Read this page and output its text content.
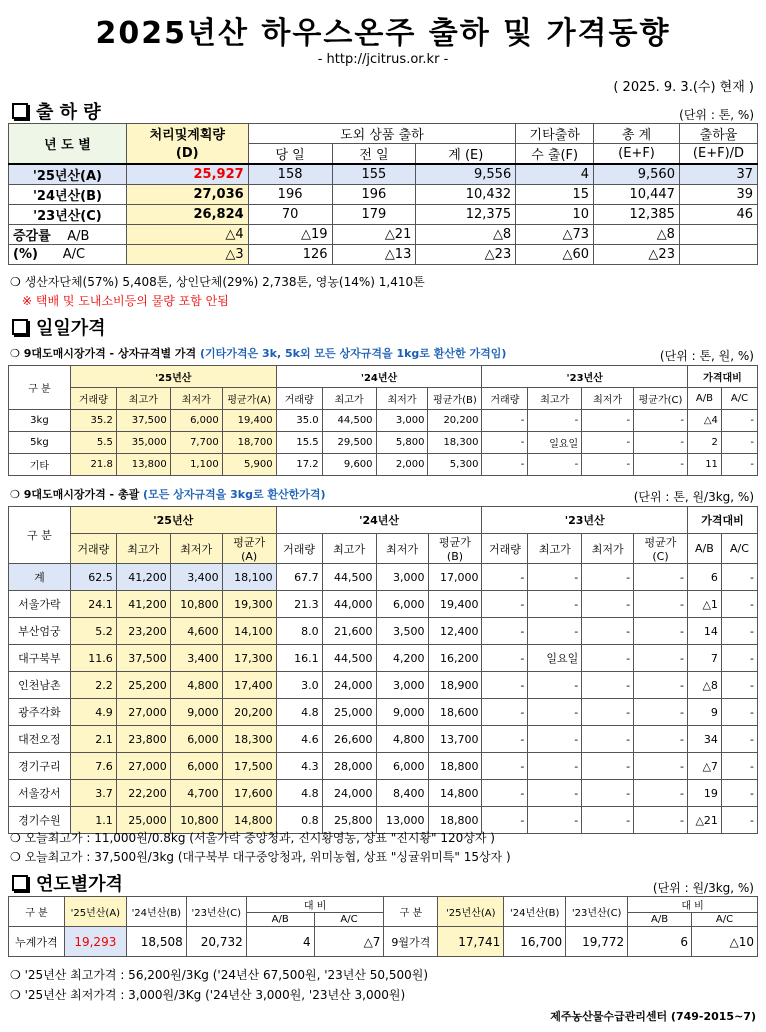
2025년산 하우스온주 출하 및 가격동향
- http://jcitrus.or.kr -
( 2025. 9. 3.(수) 현재 )
출 하 량	(단위 : 톤, %)
년 도 별	처리및계획량	도외 상품 출하			기타출하	총 계	출하율
	(D)	당 일	전 일	계 (E)	수 출(F)	(E+F)	(E+F)/D
'25년산(A)	25,927	158	155	9,556	4	9,560	37
'24년산(B)	27,036	196	196	10,432	15	10,447	39
'23년산(C)	26,824	70	179	12,375	10	12,385	46
증감률 A/B	△4	△19	△21	△8	△73	△8	
(%) A/C	△3	126	△13	△23	△60	△23	
❍ 생산자단체(57%) 5,408톤, 상인단체(29%) 2,738톤, 영농(14%) 1,410톤
※ 택배 및 도내소비등의 물량 포함 안됨
일일가격
❍ 9대도매시장가격 - 상자규격별 가격 (기타가격은 3k, 5k외 모든 상자규격을 1kg로 환산한 가격임)	(단위 : 톤, 원, %)
구 분	'25년산				'24년산				'23년산				가격대비	
	거래량	최고가	최저가	평균가(A)	거래량	최고가	최저가	평균가(B)	거래량	최고가	최저가	평균가(C)	A/B	A/C
3kg	35.2	37,500	6,000	19,400	35.0	44,500	3,000	20,200	-	-	-	-	△4	-
5kg	5.5	35,000	7,700	18,700	15.5	29,500	5,800	18,300	-	일요일	-	-	2	-
기타	21.8	13,800	1,100	5,900	17.2	9,600	2,000	5,300	-	-	-	-	11	-
❍ 9대도매시장가격 - 총괄 (모든 상자규격을 3kg로 환산한가격)	(단위 : 톤, 원/3kg, %)
구 분	'25년산				'24년산				'23년산				가격대비	
	거래량	최고가	최저가	평균가(A)	거래량	최고가	최저가	평균가(B)	거래량	최고가	최저가	평균가(C)	A/B	A/C
계	62.5	41,200	3,400	18,100	67.7	44,500	3,000	17,000	-	-	-	-	6	-
서울가락	24.1	41,200	10,800	19,300	21.3	44,000	6,000	19,400	-	-	-	-	△1	-
부산엄궁	5.2	23,200	4,600	14,100	8.0	21,600	3,500	12,400	-	-	-	-	14	-
대구북부	11.6	37,500	3,400	17,300	16.1	44,500	4,200	16,200	-	일요일	-	-	7	-
인천남촌	2.2	25,200	4,800	17,400	3.0	24,000	3,000	18,900	-	-	-	-	△8	-
광주각화	4.9	27,000	9,000	20,200	4.8	25,000	9,000	18,600	-	-	-	-	9	-
대전오정	2.1	23,800	6,000	18,300	4.6	26,600	4,800	13,700	-	-	-	-	34	-
경기구리	7.6	27,000	6,000	17,500	4.3	28,000	6,000	18,800	-	-	-	-	△7	-
서울강서	3.7	22,200	4,700	17,600	4.8	24,000	8,400	14,800	-	-	-	-	19	-
경기수원	1.1	25,000	10,800	14,800	0.8	25,800	13,000	18,800	-	-	-	-	△21	-
❍ 오늘최고가 : 11,000원/0.8kg (서울가락 중앙청과, 진시황영농, 상표 "진시황" 120상자 )
❍ 오늘최고가 : 37,500원/3kg (대구북부 대구중앙청과, 위미농협, 상표 "싱귤위미특" 15상자 )
연도별가격	(단위 : 원/3kg, %)
구 분	'25년산(A)	'24년산(B)	'23년산(C)	대 비		구 분	'25년산(A)	'24년산(B)	'23년산(C)	대 비	
				A/B	A/C					A/B	A/C
누계가격	19,293	18,508	20,732	4	△7	9월가격	17,741	16,700	19,772	6	△10
❍ '25년산 최고가격 : 56,200원/3Kg ('24년산 67,500원, '23년산 50,500원)
❍ '25년산 최저가격 : 3,000원/3Kg ('24년산 3,000원, '23년산 3,000원)
제주농산물수급관리센터 (749-2015~7)
